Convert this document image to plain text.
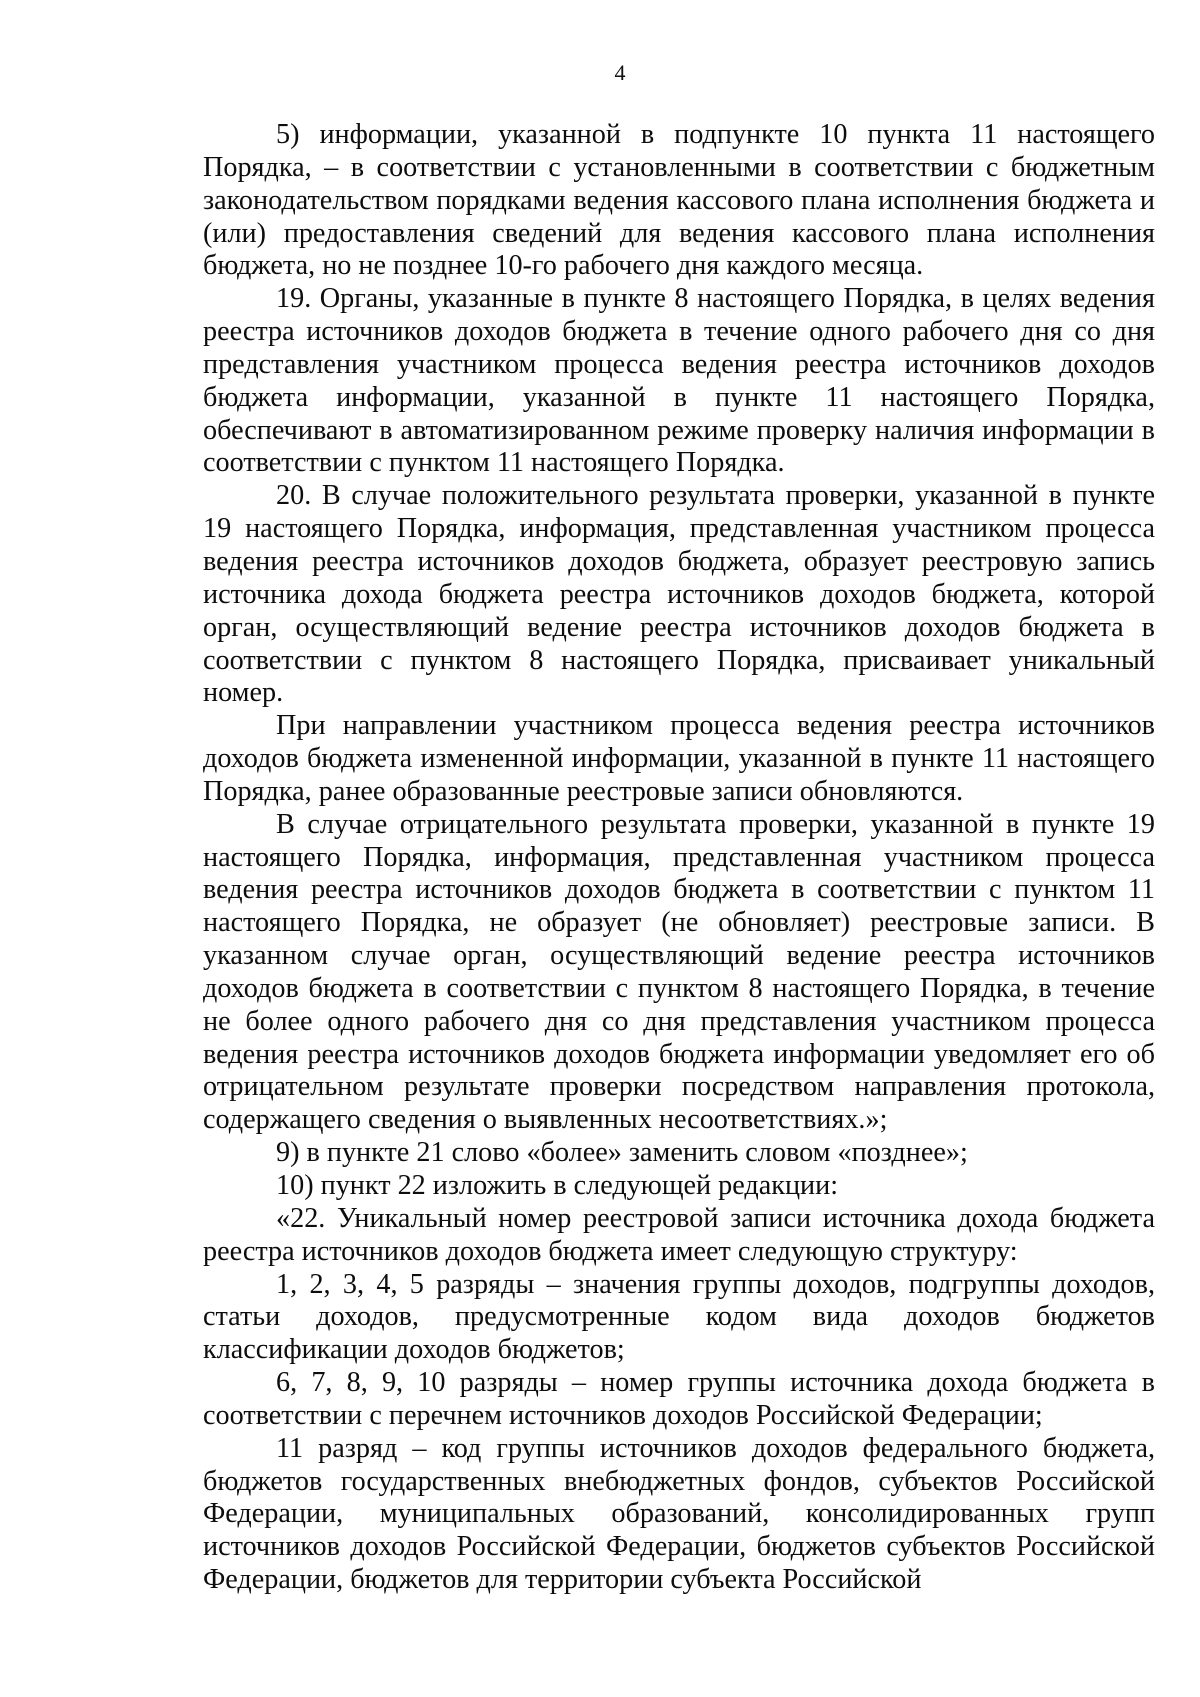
4

5) информации, указанной в подпункте 10 пункта 11 настоящего Порядка, – в соответствии с установленными в соответствии с бюджетным законодательством порядками ведения кассового плана исполнения бюджета и (или) предоставления сведений для ведения кассового плана исполнения бюджета, но не позднее 10-го рабочего дня каждого месяца.

19. Органы, указанные в пункте 8 настоящего Порядка, в целях ведения реестра источников доходов бюджета в течение одного рабочего дня со дня представления участником процесса ведения реестра источников доходов бюджета информации, указанной в пункте 11 настоящего Порядка, обеспечивают в автоматизированном режиме проверку наличия информации в соответствии с пунктом 11 настоящего Порядка.

20. В случае положительного результата проверки, указанной в пункте 19 настоящего Порядка, информация, представленная участником процесса ведения реестра источников доходов бюджета, образует реестровую запись источника дохода бюджета реестра источников доходов бюджета, которой орган, осуществляющий ведение реестра источников доходов бюджета в соответствии с пунктом 8 настоящего Порядка, присваивает уникальный номер.

При направлении участником процесса ведения реестра источников доходов бюджета измененной информации, указанной в пункте 11 настоящего Порядка, ранее образованные реестровые записи обновляются.

В случае отрицательного результата проверки, указанной в пункте 19 настоящего Порядка, информация, представленная участником процесса ведения реестра источников доходов бюджета в соответствии с пунктом 11 настоящего Порядка, не образует (не обновляет) реестровые записи. В указанном случае орган, осуществляющий ведение реестра источников доходов бюджета в соответствии с пунктом 8 настоящего Порядка, в течение не более одного рабочего дня со дня представления участником процесса ведения реестра источников доходов бюджета информации уведомляет его об отрицательном результате проверки посредством направления протокола, содержащего сведения о выявленных несоответствиях.»;

9) в пункте 21 слово «более» заменить словом «позднее»;

10) пункт 22 изложить в следующей редакции:

«22. Уникальный номер реестровой записи источника дохода бюджета реестра источников доходов бюджета имеет следующую структуру:

1, 2, 3, 4, 5 разряды – значения группы доходов, подгруппы доходов, статьи доходов, предусмотренные кодом вида доходов бюджетов классификации доходов бюджетов;

6, 7, 8, 9, 10 разряды – номер группы источника дохода бюджета в соответствии с перечнем источников доходов Российской Федерации;

11 разряд – код группы источников доходов федерального бюджета, бюджетов государственных внебюджетных фондов, субъектов Российской Федерации, муниципальных образований, консолидированных групп источников доходов Российской Федерации, бюджетов субъектов Российской Федерации, бюджетов для территории субъекта Российской
